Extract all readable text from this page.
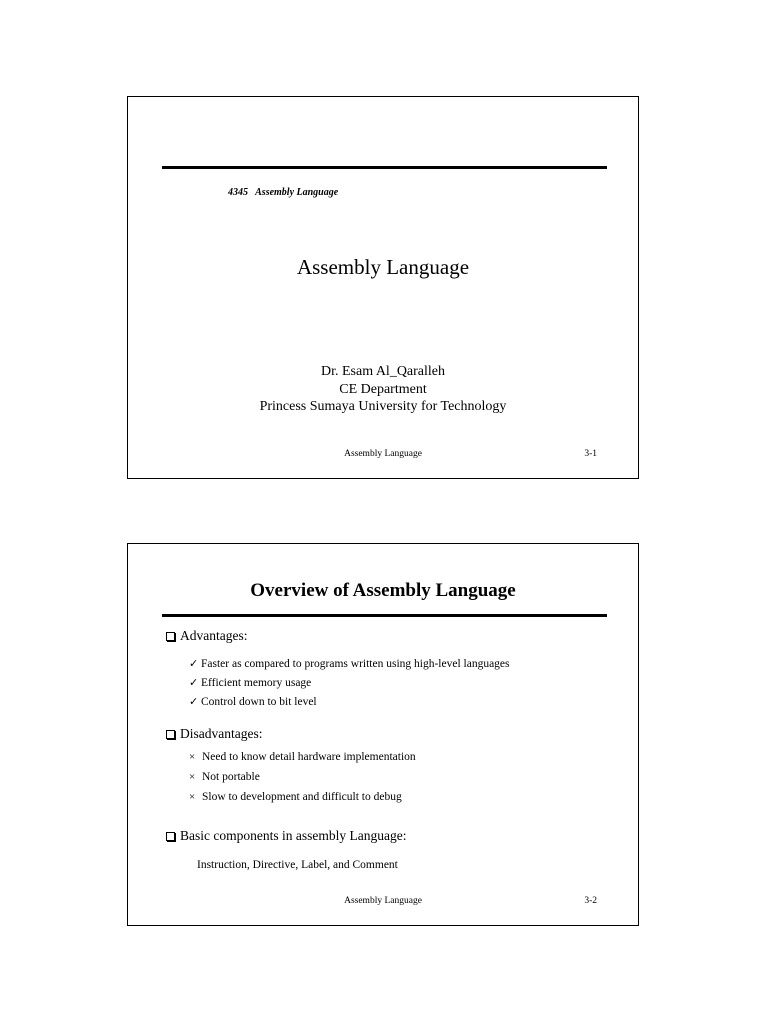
4345   Assembly Language
Assembly Language
Dr. Esam Al_Qaralleh
CE Department
Princess Sumaya University for Technology
Assembly Language	3-1
Overview of Assembly Language
Advantages:
✓ Faster as compared to programs written using high-level languages
✓ Efficient memory usage
✓ Control down to bit level
Disadvantages:
× Need to know detail hardware implementation
× Not portable
× Slow to development and difficult to debug
Basic components in assembly Language:
Instruction, Directive, Label, and Comment
Assembly Language	3-2
